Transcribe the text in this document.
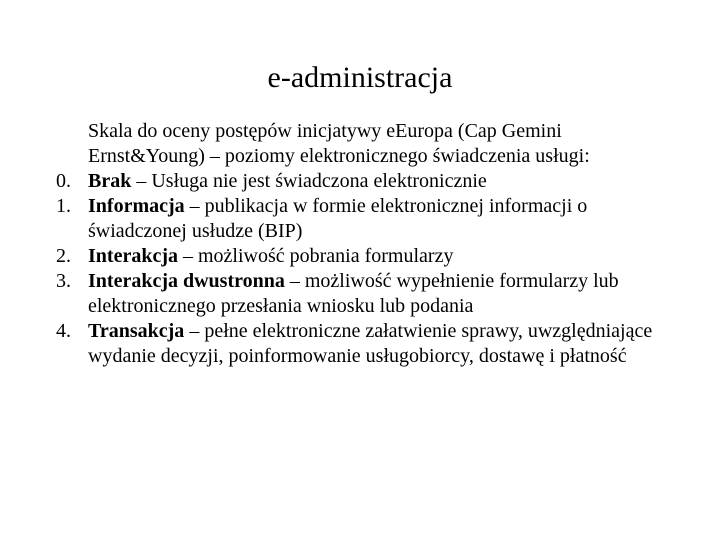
e-administracja

Skala do oceny postępów inicjatywy eEuropa (Cap Gemini Ernst&Young) – poziomy elektronicznego świadczenia usługi:

0. Brak – Usługa nie jest świadczona elektronicznie

1. Informacja – publikacja w formie elektronicznej informacji o świadczonej usłudze (BIP)

2. Interakcja – możliwość pobrania formularzy

3. Interakcja dwustronna – możliwość wypełnienie formularzy lub elektronicznego przesłania wniosku lub podania

4. Transakcja – pełne elektroniczne załatwienie sprawy, uwzględniające wydanie decyzji, poinformowanie usługobiorcy, dostawę i płatność
